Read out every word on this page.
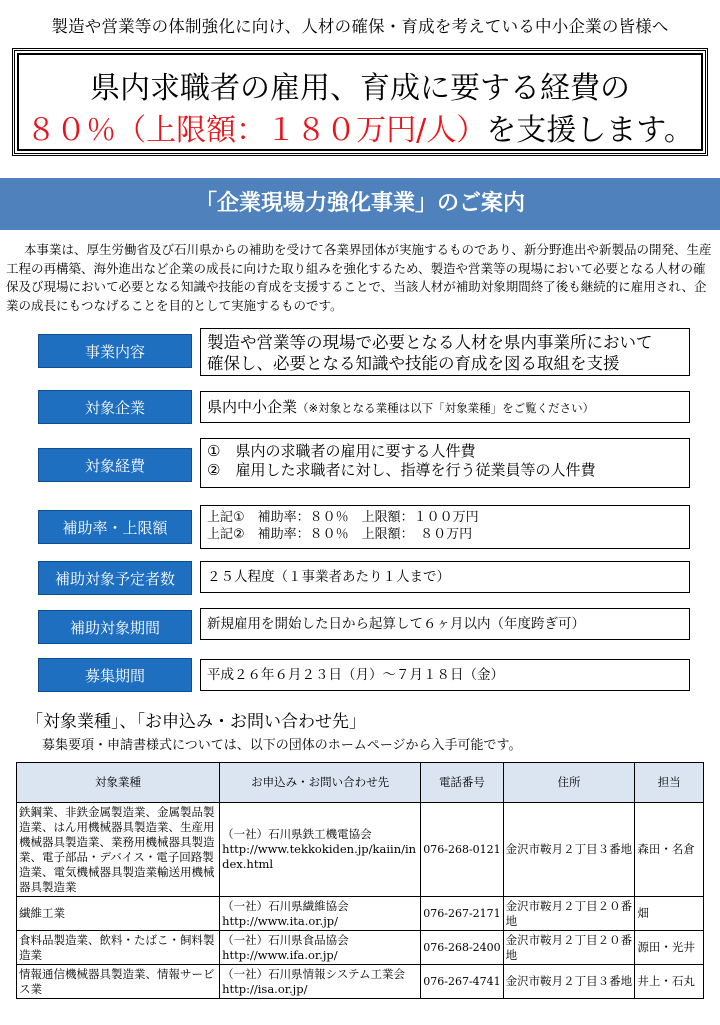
製造や営業等の体制強化に向け、人材の確保・育成を考えている中小企業の皆様へ
県内求職者の雇用、育成に要する経費の
８０％（上限額：１８０万円/人）を支援します。
「企業現場力強化事業」のご案内
本事業は、厚生労働省及び石川県からの補助を受けて各業界団体が実施するものであり、新分野進出や新製品の開発、生産工程の再構築、海外進出など企業の成長に向けた取り組みを強化するため、製造や営業等の現場において必要となる人材の確保及び現場において必要となる知識や技能の育成を支援することで、当該人材が補助対象期間終了後も継続的に雇用され、企業の成長にもつなげることを目的として実施するものです。
事業内容	製造や営業等の現場で必要となる人材を県内事業所において
確保し、必要となる知識や技能の育成を図る取組を支援
対象企業	県内中小企業（※対象となる業種は以下「対象業種」をご覧ください）
対象経費
①　県内の求職者の雇用に要する人件費
②　雇用した求職者に対し、指導を行う従業員等の人件費
補助率・上限額
上記①　補助率：８０％　上限額：１００万円
上記②　補助率：８０％　上限額：　８０万円
補助対象予定者数	２５人程度（１事業者あたり１人まで）
補助対象期間	新規雇用を開始した日から起算して６ヶ月以内（年度跨ぎ可）
募集期間	平成２６年６月２３日（月）～７月１８日（金）
「対象業種」、「お申込み・お問い合わせ先」
募集要項・申請書様式については、以下の団体のホームページから入手可能です。
対象業種	お申込み・お問い合わせ先	電話番号	住所	担当
鉄鋼業、非鉄金属製造業、金属製品製造業、はん用機械器具製造業、生産用機械器具製造業、業務用機械器具製造業、電子部品・デバイス・電子回路製造業、電気機械器具製造業輸送用機械器具製造業	（一社）石川県鉄工機電協会
http://www.tekkokiden.jp/kaiin/index.html	076-268-0121	金沢市鞍月２丁目３番地	森田・名倉
繊維工業	（一社）石川県繊維協会
http://www.ita.or.jp/	076-267-2171	金沢市鞍月２丁目２０番地	畑
食料品製造業、飲料・たばこ・飼料製造業	（一社）石川県食品協会
http://www.ifa.or.jp/	076-268-2400	金沢市鞍月２丁目２０番地	源田・光井
情報通信機械器具製造業、情報サービス業	（一社）石川県情報システム工業会
http://isa.or.jp/	076-267-4741	金沢市鞍月２丁目３番地	井上・石丸
